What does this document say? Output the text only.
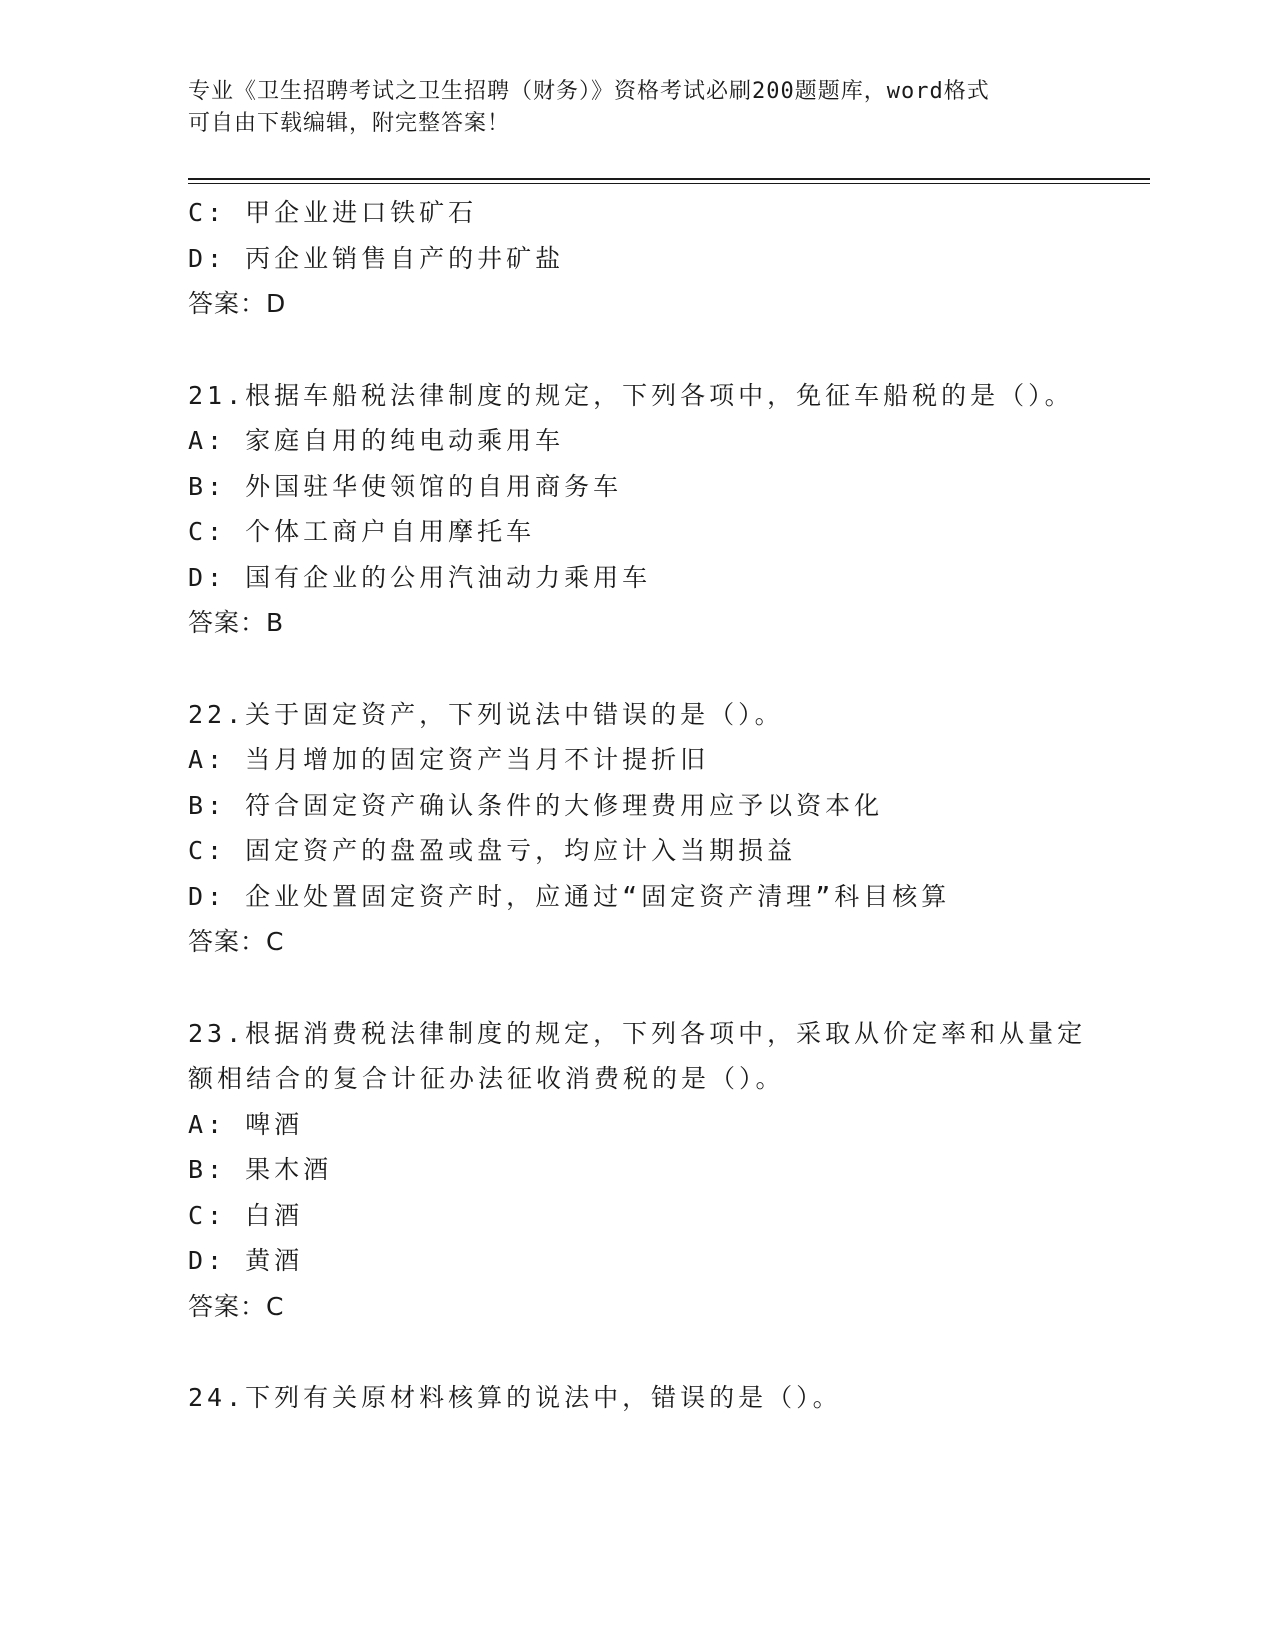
专业《卫生招聘考试之卫生招聘（财务）》资格考试必刷200题题库，word格式
可自由下载编辑，附完整答案！
C: 甲企业进口铁矿石
D: 丙企业销售自产的井矿盐
答案：D
21.根据车船税法律制度的规定，下列各项中，免征车船税的是（）。
A: 家庭自用的纯电动乘用车
B: 外国驻华使领馆的自用商务车
C: 个体工商户自用摩托车
D: 国有企业的公用汽油动力乘用车
答案：B
22.关于固定资产，下列说法中错误的是（）。
A: 当月增加的固定资产当月不计提折旧
B: 符合固定资产确认条件的大修理费用应予以资本化
C: 固定资产的盘盈或盘亏，均应计入当期损益
D: 企业处置固定资产时，应通过“固定资产清理”科目核算
答案：C
23.根据消费税法律制度的规定，下列各项中，采取从价定率和从量定
额相结合的复合计征办法征收消费税的是（）。
A: 啤酒
B: 果木酒
C: 白酒
D: 黄酒
答案：C
24.下列有关原材料核算的说法中，错误的是（）。
